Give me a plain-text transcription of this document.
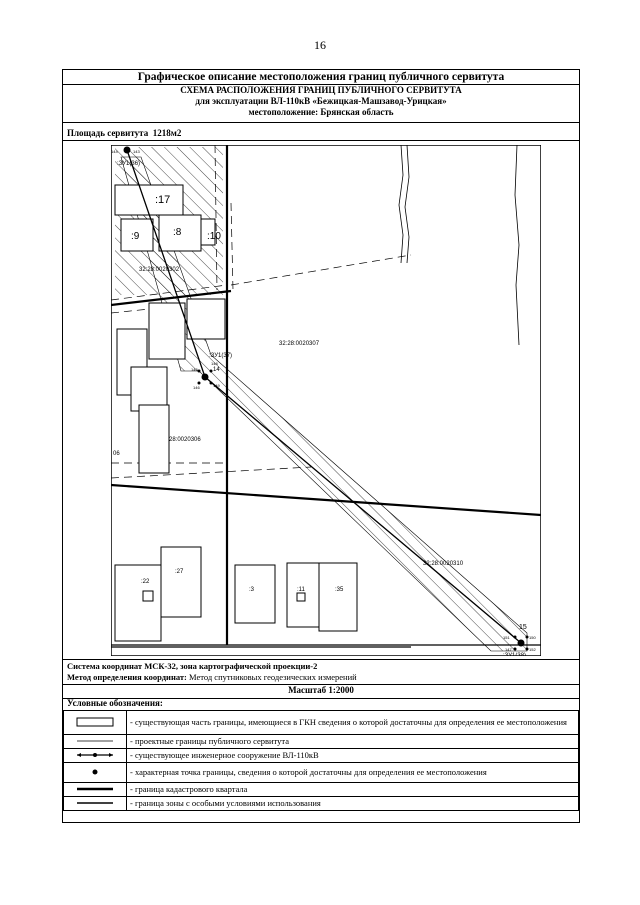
16
Графическое описание местоположения границ публичного сервитута
СХЕМА РАСПОЛОЖЕНИЯ ГРАНИЦ ПУБЛИЧНОГО СЕРВИТУТА
для эксплуатации ВЛ-110кВ «Бежицкая-Машзавод-Урицкая»
местоположение: Брянская область
Площадь сервитута 1218м2
:17
:9	:8	:10
32:28:0020302
32:28:0020307
28:0020306
32:28:0020310
06
:22
:27
:3	:11	:35
:ЗУ1(36)
:ЗУ1(37)
:ЗУ1(38)
14
15
144	143
145
146
147
148
149
150
151
152
Система координат МСК-32, зона картографической проекции-2
Метод определения координат: Метод спутниковых геодезических измерений
Масштаб 1:2000
Условные обозначения:
	- существующая часть границы, имеющиеся в ГКН сведения о которой достаточны для определения ее местоположения
	- проектные границы публичного сервитута
	- существующее инженерное сооружение ВЛ-110кВ
	- характерная точка границы, сведения о которой достаточны для определения ее местоположения
	- граница кадастрового квартала
	- граница зоны с особыми условиями использования
